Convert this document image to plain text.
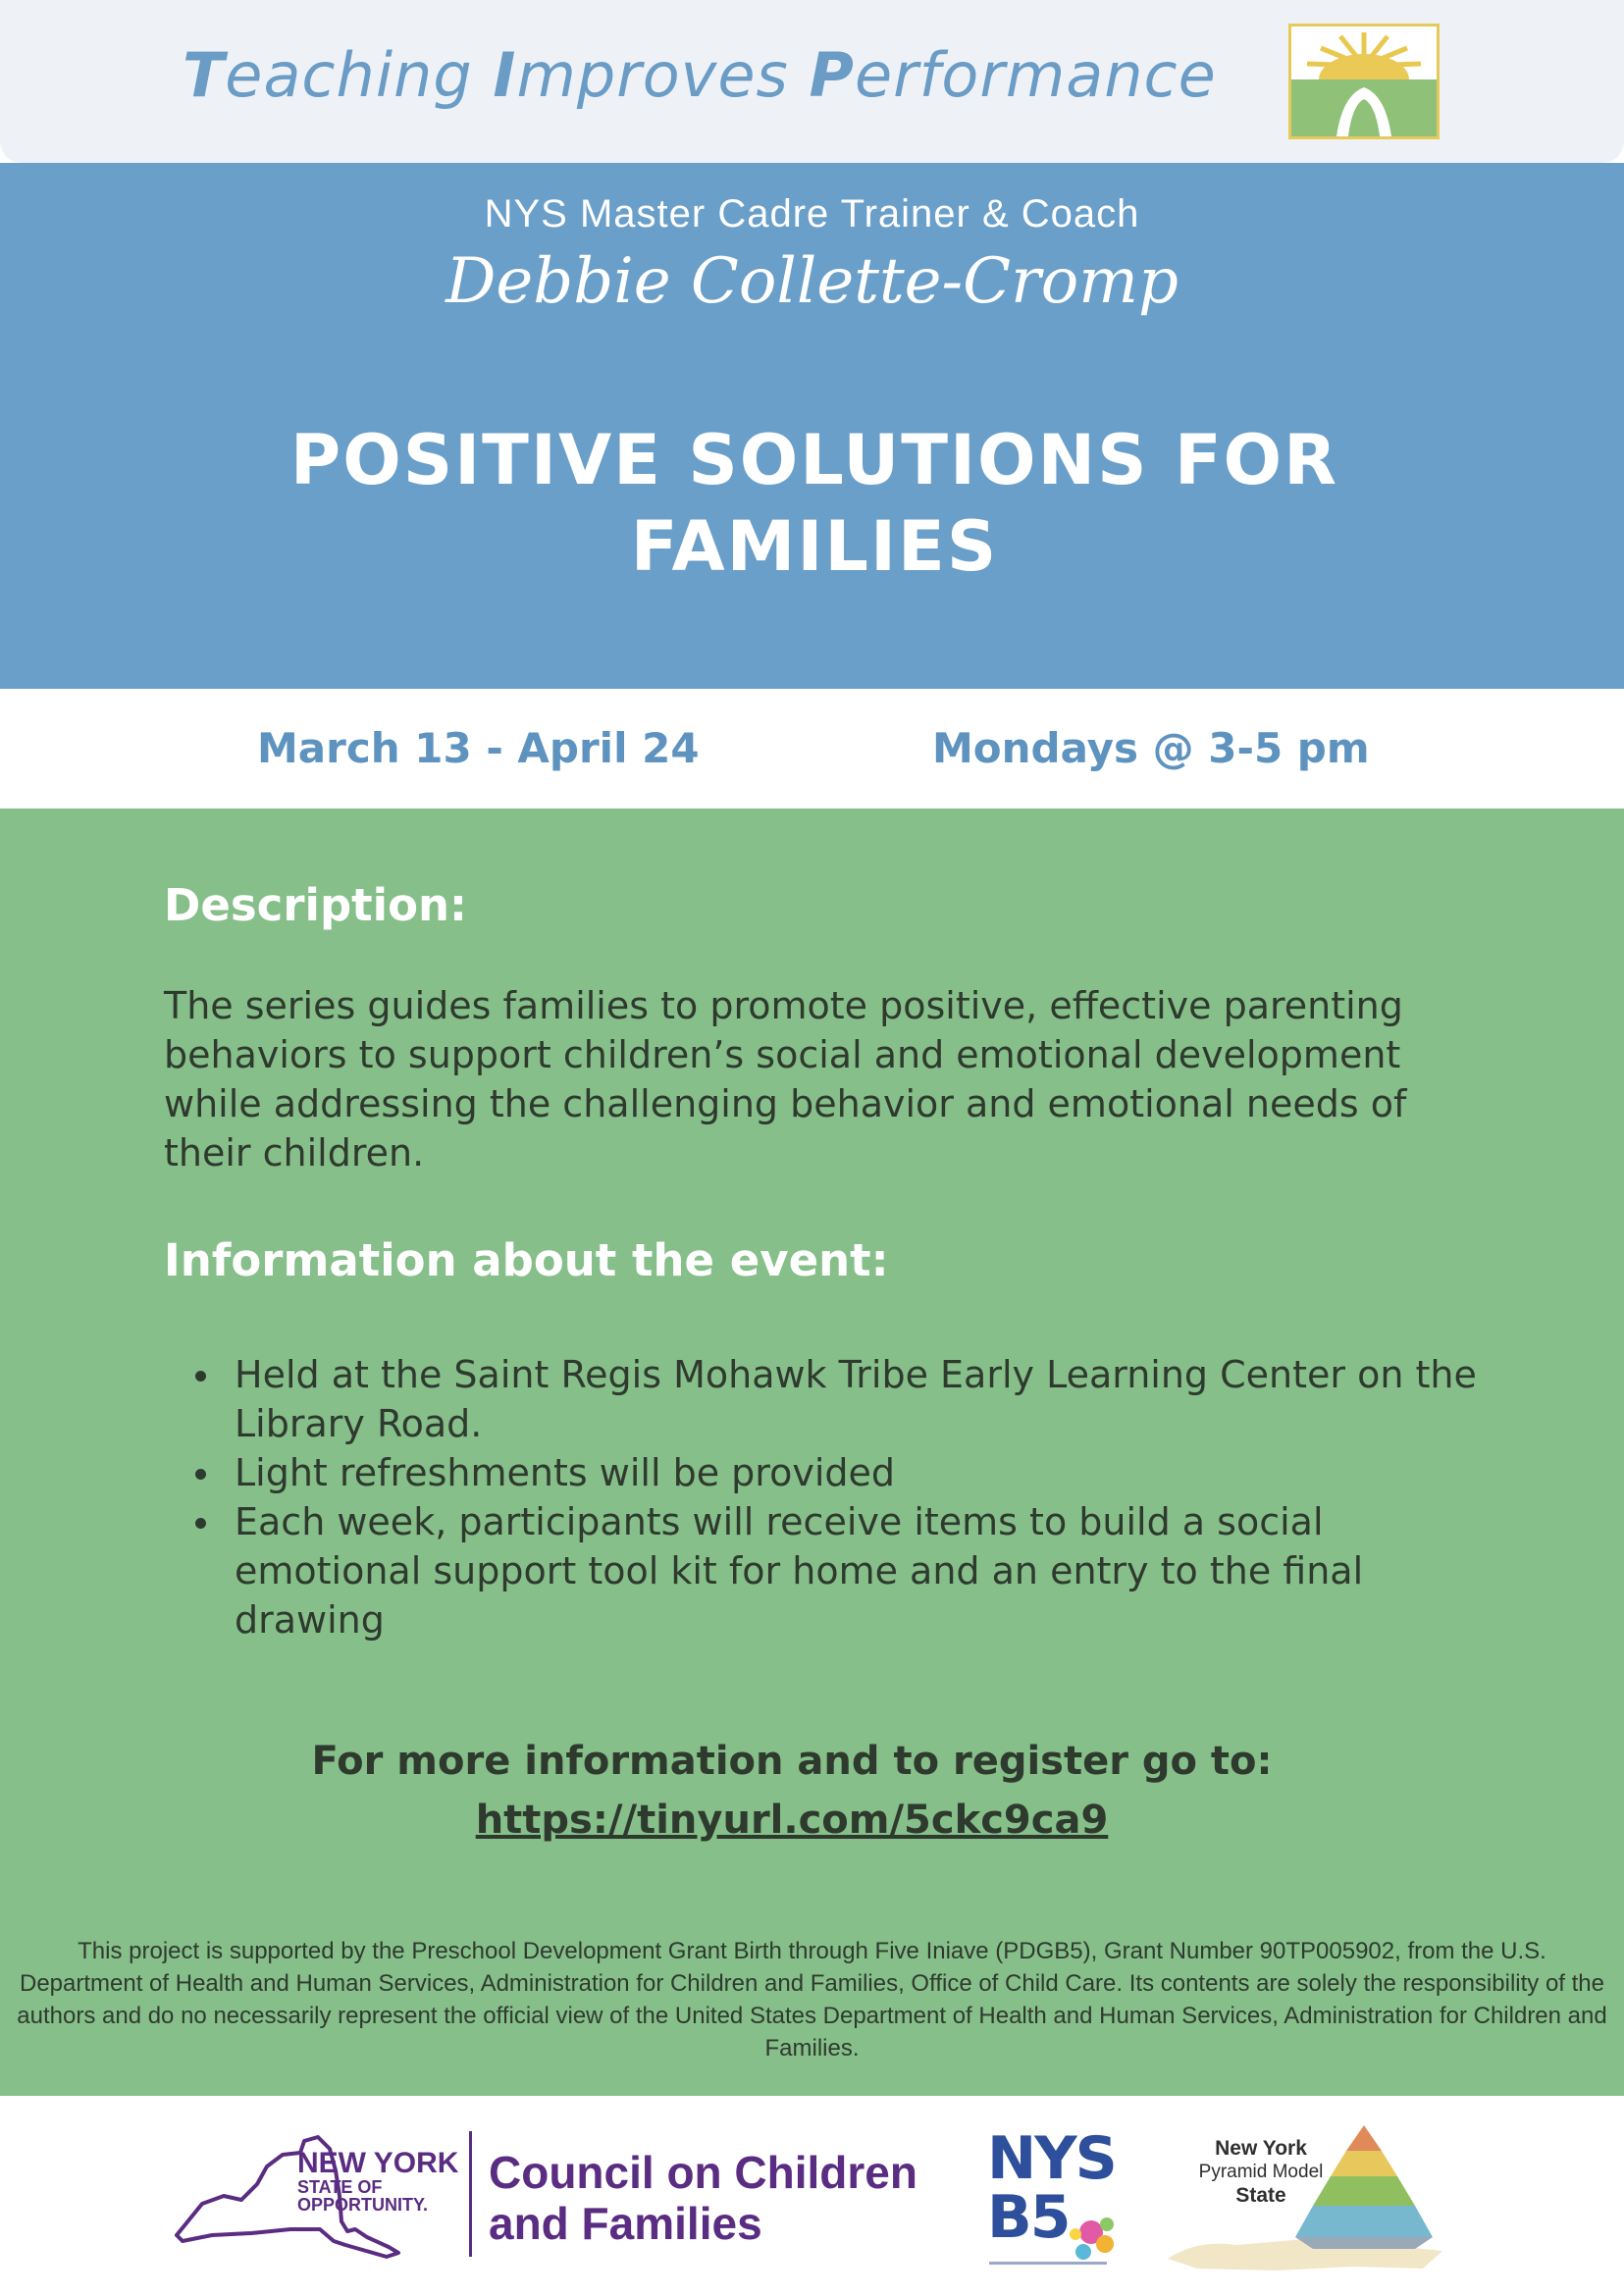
Teaching Improves Performance
NYS Master Cadre Trainer & Coach
Debbie Collette-Cromp
POSITIVE SOLUTIONS FOR
FAMILIES
March 13 - April 24	Mondays @ 3-5 pm
Description:
The series guides families to promote positive, effective parenting behaviors to support children’s social and emotional development while addressing the challenging behavior and emotional needs of their children.
Information about the event:
Held at the Saint Regis Mohawk Tribe Early Learning Center on the Library Road.
Light refreshments will be provided
Each week, participants will receive items to build a social emotional support tool kit for home and an entry to the final drawing
For more information and to register go to:
https://tinyurl.com/5ckc9ca9
This project is supported by the Preschool Development Grant Birth through Five Iniave (PDGB5), Grant Number 90TP005902, from the U.S. Department of Health and Human Services, Administration for Children and Families, Office of Child Care. Its contents are solely the responsibility of the authors and do no necessarily represent the official view of the United States Department of Health and Human Services, Administration for Children and Families.
NEW YORK
STATE OF
OPPORTUNITY.
Council on Children
and Families
NYS
B5
New York
Pyramid Model
State
